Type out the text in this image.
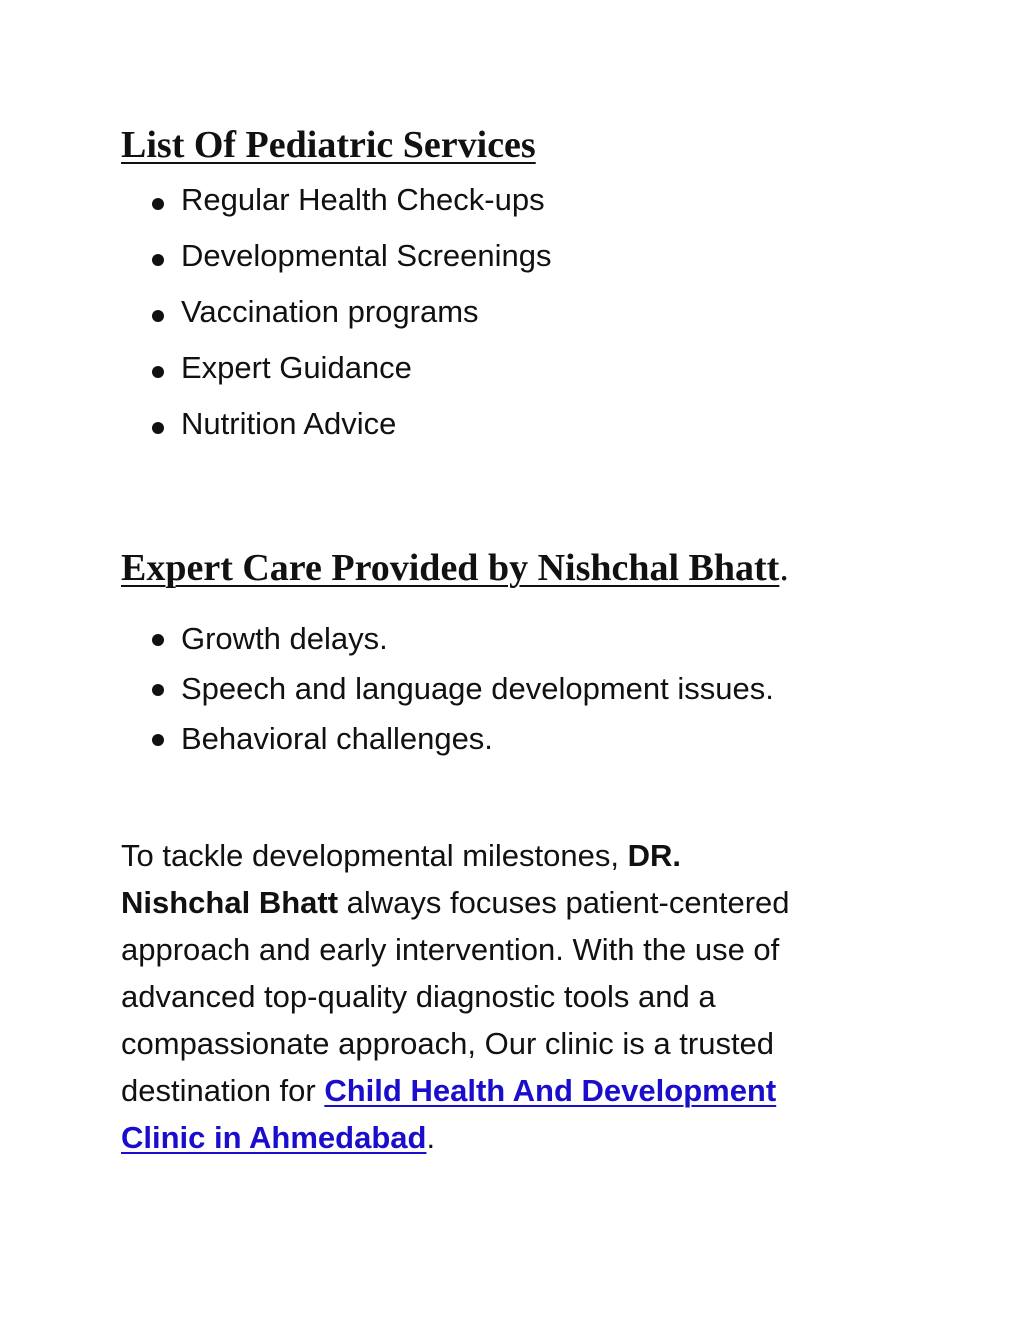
List Of Pediatric Services
Regular Health Check-ups
Developmental Screenings
Vaccination programs
Expert Guidance
Nutrition Advice
Expert Care Provided by Nishchal Bhatt.
Growth delays.
Speech and language development issues.
Behavioral challenges.

To tackle developmental milestones, DR.
Nishchal Bhatt always focuses patient-centered
approach and early intervention. With the use of
advanced top-quality diagnostic tools and a
compassionate approach, Our clinic is a trusted
destination for Child Health And Development
Clinic in Ahmedabad.
